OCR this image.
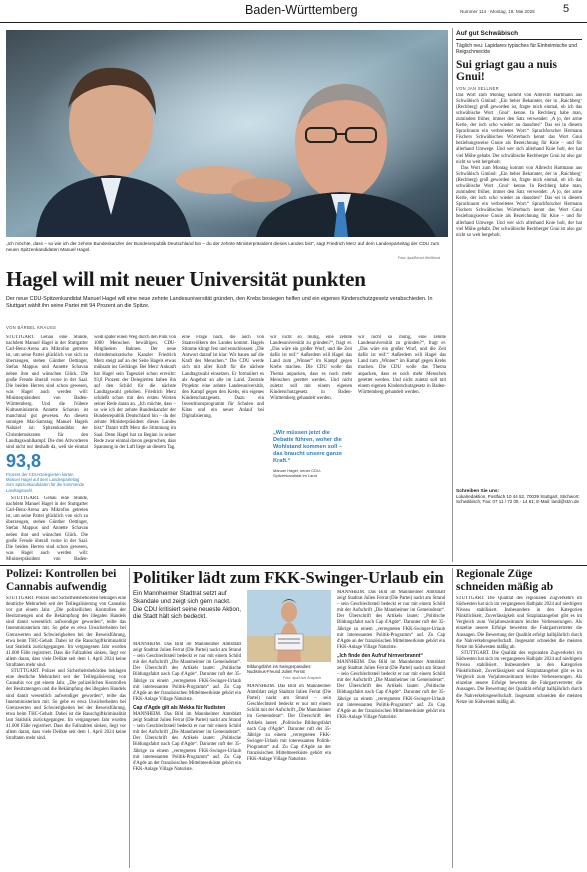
Baden-Württemberg	Nummer 114 · Montag, 19. Mai 2025	5
„Ich möchte, dass – so wie ich der zehnte Bundeskanzler der Bundesrepublik Deutschland bin – du der zehnte Ministerpräsident dieses Landes bist“, sagt Friedrich Merz auf dem Landesparteitag der CDU zum neuen Spitzenkandidaten Manuel Hagel.
Foto: dpa/Bernd Weißbrod
Hagel will mit neuer Universität punkten
Der neue CDU-Spitzenkandidat Manuel Hagel will eine neue zehnte Landesuniversität gründen, den Krebs besiegen helfen und ein eigenes Kinderschutzgesetz verabschieden. In Stuttgart wählt ihn seine Partei mit 94 Prozent an die Spitze.
VON BÄRBEL KRAUSS

STUTTGART. Genau eine Stunde, nachdem Manuel Hagel in der Stuttgarter Carl-Benz-Arena am Mikrofon getreten ist, um seine Partei glücklich von sich zu überzeugen, stehen Günther Oettinger, Stefan Mappus und Annette Schavan neben ihm und wünschen Glück. Die große Freude überall vorne in der Saal. Die beiden Herren sind schon gewesen, was Hagel auch werden will: Ministerpräsident von Baden-Württemberg. Und die frühere Kultusministerin Annette Schavan ist manchmal gut gewesen. An diesem sonnigen Mai-Samstag Manuel Hagels Nahziel ist: Spitzenkandidat der Christdemokraten für den Landtagswahlkampf. Die drei Altvorderen sind nicht nur deshalb da, weil sie einmal

93,8
Prozent der CDU-Delegierten kürten Manuel Hagel auf dem Landesparteitag zum Spitzenkandidaten für die kommende Landtagswahl.

STUTTGART. Genau eine Stunde, nachdem Manuel Hagel in der Stuttgarter Carl-Benz-Arena am Mikrofon getreten ist, um seine Partei glücklich von sich zu überzeugen, stehen Günther Oettinger, Stefan Mappus und Annette Schavan neben ihm und wünschen Glück. Die große Freude überall vorne in der Saal. Die beiden Herren sind schon gewesen, was Hagel auch werden will: Ministerpräsident von Baden-

weiß später einen Weg durch den Pulk von 1000 Menschen bewältigen. CDU-Mitgliedern Bahnen. Der neue christdemokratische Kanzler Friedrich Merz steigt auf an der Seite Hagels etwas mühsam ins Gedränge. Bei Merz' Ankunft hat Hagel sein Tagesziel schon erreicht: 93,8 Prozent der Delegierten haben ihn auf den Schild für die nächste Landtagswahl gehoben. Friedrich Merz schließt schon mit den ersten Worten seiner Rede daran an. „Ich möchte, dass – so wie ich der zehnte Bundeskanzler der Bundesrepublik Deutschland bin – du der zehnte Ministerpräsident dieses Landes bist.“ Damit trifft Merz die Stimmung im Saal. Denn Hagel hat zu Beginn in seiner Rede zwar einmal davon gesprochen, dass Spannung in der Luft liege an diesem Tag.

eine Frage nach, die auch von Staatsvölkern des Landes kommt. Hagels Stimme klingt fest und entschlossen: „Die Antwort darauf ist klar: Wir bauen auf die Kraft des Menschen.“ Die CDU werde sich mit aller Kraft für die nächste Landtagswahl einsetzen. Er formuliert es als Angebot an alle im Land. Zentrale Projekte: eine zehnte Landesuniversität, den Kampf gegen den Krebs, ein eigenes Kinderschutzgesetz. Dazu ein Investitionsprogramm für Schulen und Kitas und ein neuer Anlauf bei Digitalisierung.

wir nicht so mutig, eine zehnte Landesuniversität zu gründen?“, fragt er. „Das wäre ein großer Wurf, und die Zeit dafür ist reif.“ Außerdem will Hagel das Land zum „Winner“ im Kampf gegen Krebs machen. Die CDU wolle das Thema anpacken, dass es noch mehr Menschen gerettet werden. Und nicht zuletzt soll mit einem eigenen Kinderschutzgesetz in Baden-Württemberg gehandelt werden.

„Wir müssen jetzt die Debatte führen, woher die Wohlstand kommen soll – das braucht unsere ganze Kraft.“
Manuel Hagel, neuer CDU-Spitzenkandidat im Land

wir nicht so mutig, eine zehnte Landesuniversität zu gründen?“, fragt er. „Das wäre ein großer Wurf, und die Zeit dafür ist reif.“ Außerdem will Hagel das Land zum „Winner“ im Kampf gegen Krebs machen. Die CDU wolle das Thema anpacken, dass es noch mehr Menschen gerettet werden. Und nicht zuletzt soll mit einem eigenen Kinderschutzgesetz in Baden-Württemberg gehandelt werden.

Auf gut Schwäbisch
Täglich neu: Lapidares typisches für Einheimische und Reigschmeckte
Sui griagt gau a nuis Gnui!
VON JAN SELLNER

Das Wort zum Montag kommt von Albrecht Hartmann aus Schwäbisch Gmünd: „Ein beher Bekannter, der in ‚Raichberg‘ (Rechberg) groß geworden ist, fragte mich einmal, ob ich das schwäbische Wort ‚Gnui‘ kenne. In Rechberg habe man, zumindest früher, immer den Satz verwendet: ‚A jo, der arme Kerle, der isch scho wieder an dausdres!‘ Das sei in diesem Sprachraum ein verbreitetes Wort.“ Sprachforscher Hermann Fischers Schwäbisches Wörterbuch kennt das Wort Gnui beziehungsweise Gnuie als Bezeichnung für Knie – und für allerhand Umwege. Und wer sich allerhand Knie holt, der hat viel Mühe gehabt. Der schwäbische Rechberger Gnui ist also gar nicht so weit hergeholt.

Das Wort zum Montag kommt von Albrecht Hartmann aus Schwäbisch Gmünd: „Ein beher Bekannter, der in ‚Raichberg‘ (Rechberg) groß geworden ist, fragte mich einmal, ob ich das schwäbische Wort ‚Gnui‘ kenne. In Rechberg habe man, zumindest früher, immer den Satz verwendet: ‚A jo, der arme Kerle, der isch scho wieder an dausdres!‘ Das sei in diesem Sprachraum ein verbreitetes Wort.“ Sprachforscher Hermann Fischers Schwäbisches Wörterbuch kennt das Wort Gnui beziehungsweise Gnuie als Bezeichnung für Knie – und für allerhand Umwege. Und wer sich allerhand Knie holt, der hat viel Mühe gehabt. Der schwäbische Rechberger Gnui ist also gar nicht so weit hergeholt.

Schreiben Sie uns:
Lokalredaktion, Postfach 10 44 52, 70039 Stuttgart, Stichwort: Schwäbisch; Fax: 07 11 / 72 05 - 14 61; E-Mail: land@stzn.de
Polizei: Kontrollen bei Cannabis aufwendig

STUTTGART. Polizei und Sicherheitsbehörden beklagen eine deutliche Mehrarbeit seit der Teillegalisierung von Cannabis vor gut einem Jahr. „Die polizeilichen Kontrollen der Besitzmengen und die Bekämpfung des illegalen Handels sind damit wesentlich aufwendiger geworden“, teilte das Innenministerium mit. So gebe es etwa Unsicherheiten bei Grenzwerten und Schwierigkeiten bei der Beweisführung, etwa beim THC-Gehalt. Dabei ist die Rauschgiftkriminalität laut Statistik zurückgegangen. Im vergangenen Jahr wurden 41.000 Fälle registriert. Dass die Fallzahlen sinken, liegt vor allem daran, dass viele Delikte seit dem 1. April 2024 keine Straftaten mehr sind.

STUTTGART. Polizei und Sicherheitsbehörden beklagen eine deutliche Mehrarbeit seit der Teillegalisierung von Cannabis vor gut einem Jahr. „Die polizeilichen Kontrollen der Besitzmengen und die Bekämpfung des illegalen Handels sind damit wesentlich aufwendiger geworden“, teilte das Innenministerium mit. So gebe es etwa Unsicherheiten bei Grenzwerten und Schwierigkeiten bei der Beweisführung, etwa beim THC-Gehalt. Dabei ist die Rauschgiftkriminalität laut Statistik zurückgegangen. Im vergangenen Jahr wurden 41.000 Fälle registriert. Dass die Fallzahlen sinken, liegt vor allem daran, dass viele Delikte seit dem 1. April 2024 keine Straftaten mehr sind.

Politiker lädt zum FKK-Swinger-Urlaub ein
Ein Mannheimer Stadtrat setzt auf Skandale und zeigt sich gern nackt. Die CDU kritisiert seine neueste Aktion, die Stadt hält sich bedeckt.
Bildungsfahrt ins Swingerparadies: Nudismus-Freund Julien Ferrat
Foto: dpa/Uwe Anspach

MANNHEIM. Das Bild im Mannheimer Amtsblatt zeigt Stadtrat Julien Ferrat (Die Partei) nackt am Strand – sein Geschlechtsteil bedeckt er nur mit einem Schild mit der Aufschrift „Die Mannheimer im Gemeinderat“. Der Überschrift des Artikels lautet: „Politische Bildungsfahrt nach Cap d'Agde“. Darunter ruft der 35-Jährige zu einem „verregneten FKK-Swinger-Urlaub mit interessanten Politik-Programm“ auf. Zu Cap d'Agde an der französischen Mittelmeerküste gehört ein FKK-Anlage Village Naturiste.

Cap d'Agde gilt als Mekka für Nudisten

MANNHEIM. Das Bild im Mannheimer Amtsblatt zeigt Stadtrat Julien Ferrat (Die Partei) nackt am Strand – sein Geschlechtsteil bedeckt er nur mit einem Schild mit der Aufschrift „Die Mannheimer im Gemeinderat“. Der Überschrift des Artikels lautet: „Politische Bildungsfahrt nach Cap d'Agde“. Darunter ruft der 35-Jährige zu einem „verregneten FKK-Swinger-Urlaub mit interessanten Politik-Programm“ auf. Zu Cap d'Agde an der französischen Mittelmeerküste gehört ein FKK-Anlage Village Naturiste.

MANNHEIM. Das Bild im Mannheimer Amtsblatt zeigt Stadtrat Julien Ferrat (Die Partei) nackt am Strand – sein Geschlechtsteil bedeckt er nur mit einem Schild mit der Aufschrift „Die Mannheimer im Gemeinderat“. Der Überschrift des Artikels lautet: „Politische Bildungsfahrt nach Cap d'Agde“. Darunter ruft der 35-Jährige zu einem „verregneten FKK-Swinger-Urlaub mit interessanten Politik-Programm“ auf. Zu Cap d'Agde an der französischen Mittelmeerküste gehört ein FKK-Anlage Village Naturiste.

MANNHEIM. Das Bild im Mannheimer Amtsblatt zeigt Stadtrat Julien Ferrat (Die Partei) nackt am Strand – sein Geschlechtsteil bedeckt er nur mit einem Schild mit der Aufschrift „Die Mannheimer im Gemeinderat“. Der Überschrift des Artikels lautet: „Politische Bildungsfahrt nach Cap d'Agde“. Darunter ruft der 35-Jährige zu einem „verregneten FKK-Swinger-Urlaub mit interessanten Politik-Programm“ auf. Zu Cap d'Agde an der französischen Mittelmeerküste gehört ein FKK-Anlage Village Naturiste.

„Ich finde den Aufruf hirnverbrannt“

MANNHEIM. Das Bild im Mannheimer Amtsblatt zeigt Stadtrat Julien Ferrat (Die Partei) nackt am Strand – sein Geschlechtsteil bedeckt er nur mit einem Schild mit der Aufschrift „Die Mannheimer im Gemeinderat“. Der Überschrift des Artikels lautet: „Politische Bildungsfahrt nach Cap d'Agde“. Darunter ruft der 35-Jährige zu einem „verregneten FKK-Swinger-Urlaub mit interessanten Politik-Programm“ auf. Zu Cap d'Agde an der französischen Mittelmeerküste gehört ein FKK-Anlage Village Naturiste.

Regionale Züge schneiden mäßig ab

STUTTGART. Die Qualität des regionalen Zugverkehrs im Südwesten hat sich im vergangenen Halbjahr 2024 auf niedrigem Niveau stabilisiert. Insbesondere in den Kategorien Pünktlichkeit, Zuverlässigkeit und Sitzplatzangebot gibt es im Vergleich zum Vorjahreszeitraum leichte Verbesserungen. Als einzelne neuere Erfolge bewerten die Fahrgastvertreter die Aussagen. Die Bewertung der Qualität erfolgt halbjährlich durch die Nahverkehrsgesellschaft. Insgesamt schneiden die meisten Netze im Südwesten mäßig ab.

STUTTGART. Die Qualität des regionalen Zugverkehrs im Südwesten hat sich im vergangenen Halbjahr 2024 auf niedrigem Niveau stabilisiert. Insbesondere in den Kategorien Pünktlichkeit, Zuverlässigkeit und Sitzplatzangebot gibt es im Vergleich zum Vorjahreszeitraum leichte Verbesserungen. Als einzelne neuere Erfolge bewerten die Fahrgastvertreter die Aussagen. Die Bewertung der Qualität erfolgt halbjährlich durch die Nahverkehrsgesellschaft. Insgesamt schneiden die meisten Netze im Südwesten mäßig ab.
